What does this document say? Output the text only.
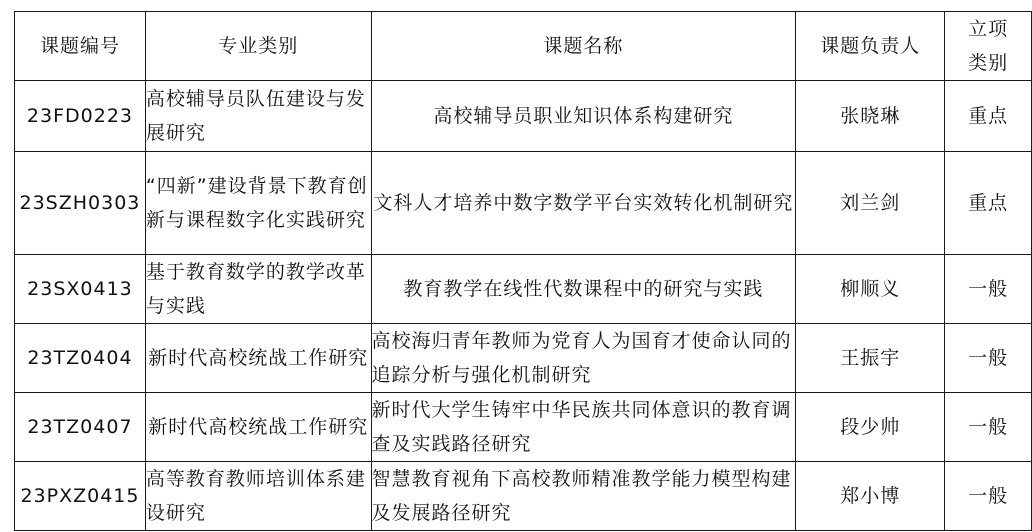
课题编号	专业类别	课题名称	课题负责人	立项类别
23FD0223	高校辅导员队伍建设与发展研究	高校辅导员职业知识体系构建研究	张晓琳	重点
23SZH0303	“四新”建设背景下教育创新与课程数字化实践研究	文科人才培养中数字数学平台实效转化机制研究	刘兰剑	重点
23SX0413	基于教育数学的教学改革与实践	教育教学在线性代数课程中的研究与实践	柳顺义	一般
23TZ0404	新时代高校统战工作研究	高校海归青年教师为党育人为国育才使命认同的追踪分析与强化机制研究	王振宇	一般
23TZ0407	新时代高校统战工作研究	新时代大学生铸牢中华民族共同体意识的教育调查及实践路径研究	段少帅	一般
23PXZ0415	高等教育教师培训体系建设研究	智慧教育视角下高校教师精准教学能力模型构建及发展路径研究	郑小博	一般
